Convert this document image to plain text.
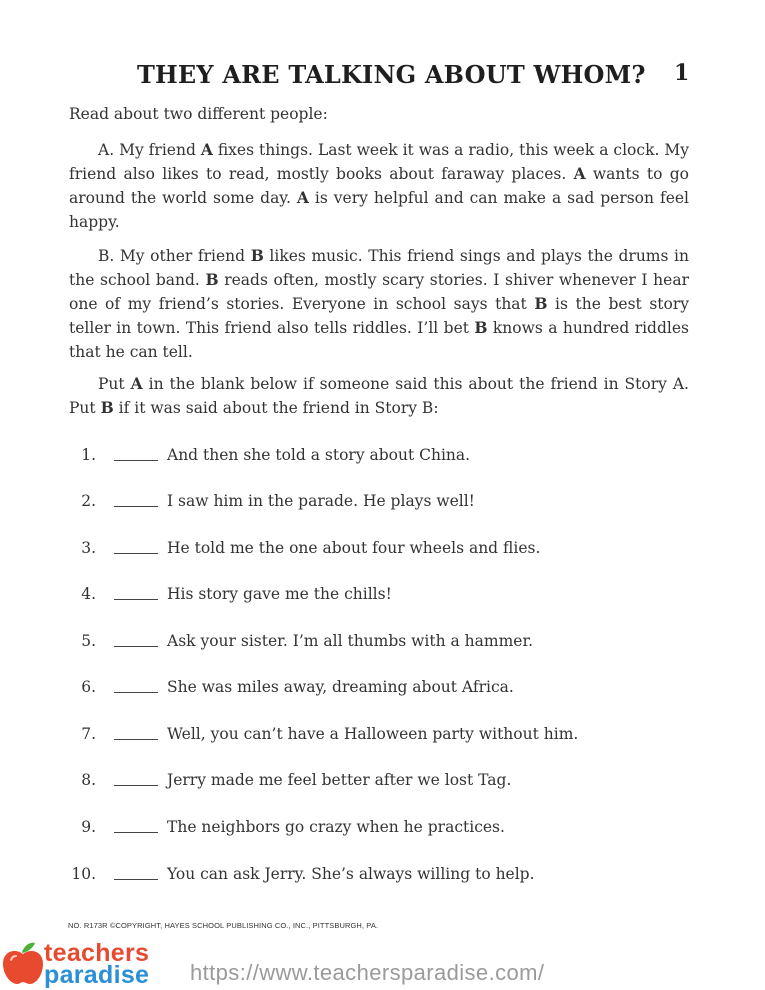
THEY ARE TALKING ABOUT WHOM? 1
Read about two different people:
A. My friend A fixes things. Last week it was a radio, this week a clock. My friend also likes to read, mostly books about faraway places. A wants to go around the world some day. A is very helpful and can make a sad person feel happy.
B. My other friend B likes music. This friend sings and plays the drums in the school band. B reads often, mostly scary stories. I shiver whenever I hear one of my friend’s stories. Everyone in school says that B is the best story teller in town. This friend also tells riddles. I’ll bet B knows a hundred riddles that he can tell.
Put A in the blank below if someone said this about the friend in Story A. Put B if it was said about the friend in Story B:
1.	And then she told a story about China.
2.	I saw him in the parade. He plays well!
3.	He told me the one about four wheels and flies.
4.	His story gave me the chills!
5.	Ask your sister. I’m all thumbs with a hammer.
6.	She was miles away, dreaming about Africa.
7.	Well, you can’t have a Halloween party without him.
8.	Jerry made me feel better after we lost Tag.
9.	The neighbors go crazy when he practices.
10.	You can ask Jerry. She’s always willing to help.
NO. R173R ©COPYRIGHT, HAYES SCHOOL PUBLISHING CO., INC., PITTSBURGH, PA.
teachers
paradise https://www.teachersparadise.com/
